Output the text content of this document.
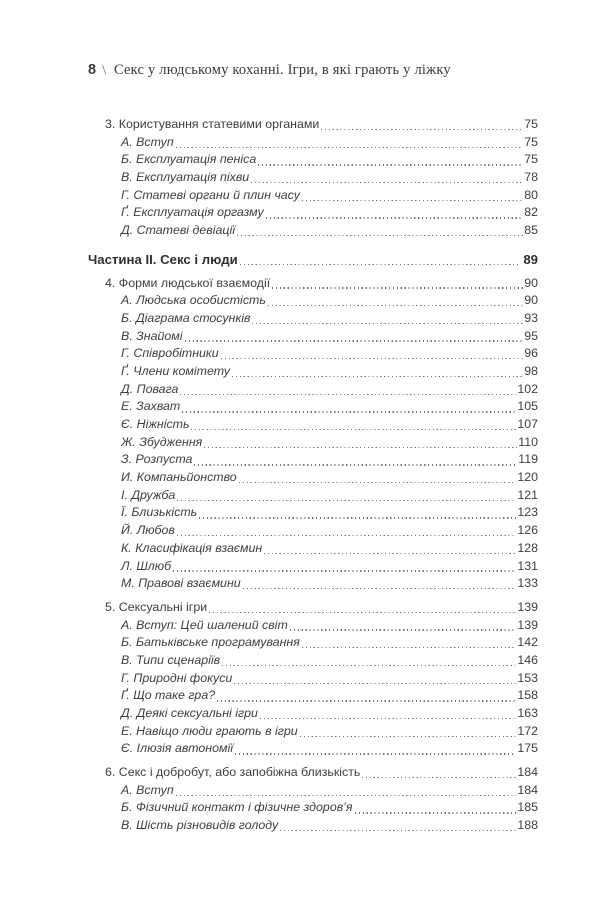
8 \ Секс у людському коханні. Ігри, в які грають у ліжку
3. Користування статевими органами	75
А. Вступ	75
Б. Експлуатація пеніса	75
В. Експлуатація піхви	78
Г. Статеві органи й плин часу	80
Ґ. Експлуатація оргазму	82
Д. Статеві девіації	85
Частина II. Секс і люди	89
4. Форми людської взаємодії	90
А. Людська особистість	90
Б. Діаграма стосунків	93
В. Знайомі	95
Г. Співробітники	96
Ґ. Члени комітету	98
Д. Повага	102
Е. Захват	105
Є. Ніжність	107
Ж. Збудження	110
З. Розпуста	119
И. Компаньйонство	120
І. Дружба	121
Ї. Близькість	123
Й. Любов	126
К. Класифікація взаємин	128
Л. Шлюб	131
М. Правові взаємини	133
5. Сексуальні ігри	139
А. Вступ: Цей шалений світ	139
Б. Батьківське програмування	142
В. Типи сценаріїв	146
Г. Природні фокуси	153
Ґ. Що таке гра?	158
Д. Деякі сексуальні ігри	163
Е. Навіщо люди грають в ігри	172
Є. Ілюзія автономії	175
6. Секс і добробут, або запобіжна близькість	184
А. Вступ	184
Б. Фізичний контакт і фізичне здоров’я	185
В. Шість різновидів голоду	188
